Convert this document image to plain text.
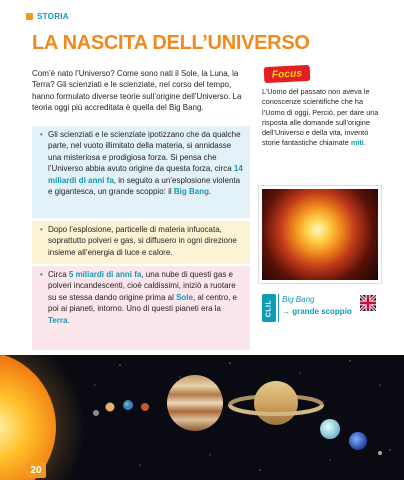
STORIA
LA NASCITA DELL’UNIVERSO

Com’è nato l’Universo? Come sono nati il Sole, la Luna, la Terra? Gli scienziati e le scienziate, nel corso del tempo, hanno formulato diverse teorie sull’origine dell’Universo. La teoria oggi più accreditata è quella del Big Bang.

• Gli scienziati e le scienziate ipotizzano che da qualche parte, nel vuoto illimitato della materia, si annidasse una misteriosa e prodigiosa forza. Si pensa che l’Universo abbia avuto origine da questa forza, circa 14 miliardi di anni fa, in seguito a un’esplosione violenta e gigantesca, un grande scoppio: il Big Bang.
• Dopo l’esplosione, particelle di materia infuocata, soprattutto polveri e gas, si diffusero in ogni direzione insieme all’energia di luce e calore.
• Circa 5 miliardi di anni fa, una nube di questi gas e polveri incandescenti, cioè caldissimi, iniziò a ruotare su se stessa dando origine prima al Sole, al centro, e poi ai pianeti, intorno. Uno di questi pianeti era la Terra.
Focus

L’Uomo del passato non aveva le conoscenze scientifiche che ha l’Uomo di oggi. Perciò, per dare una risposta alle domande sull’origine dell’Universo e della vita, inventò storie fantastiche chiamate miti.

CLIL Big Bang
→ grande scoppio
20
